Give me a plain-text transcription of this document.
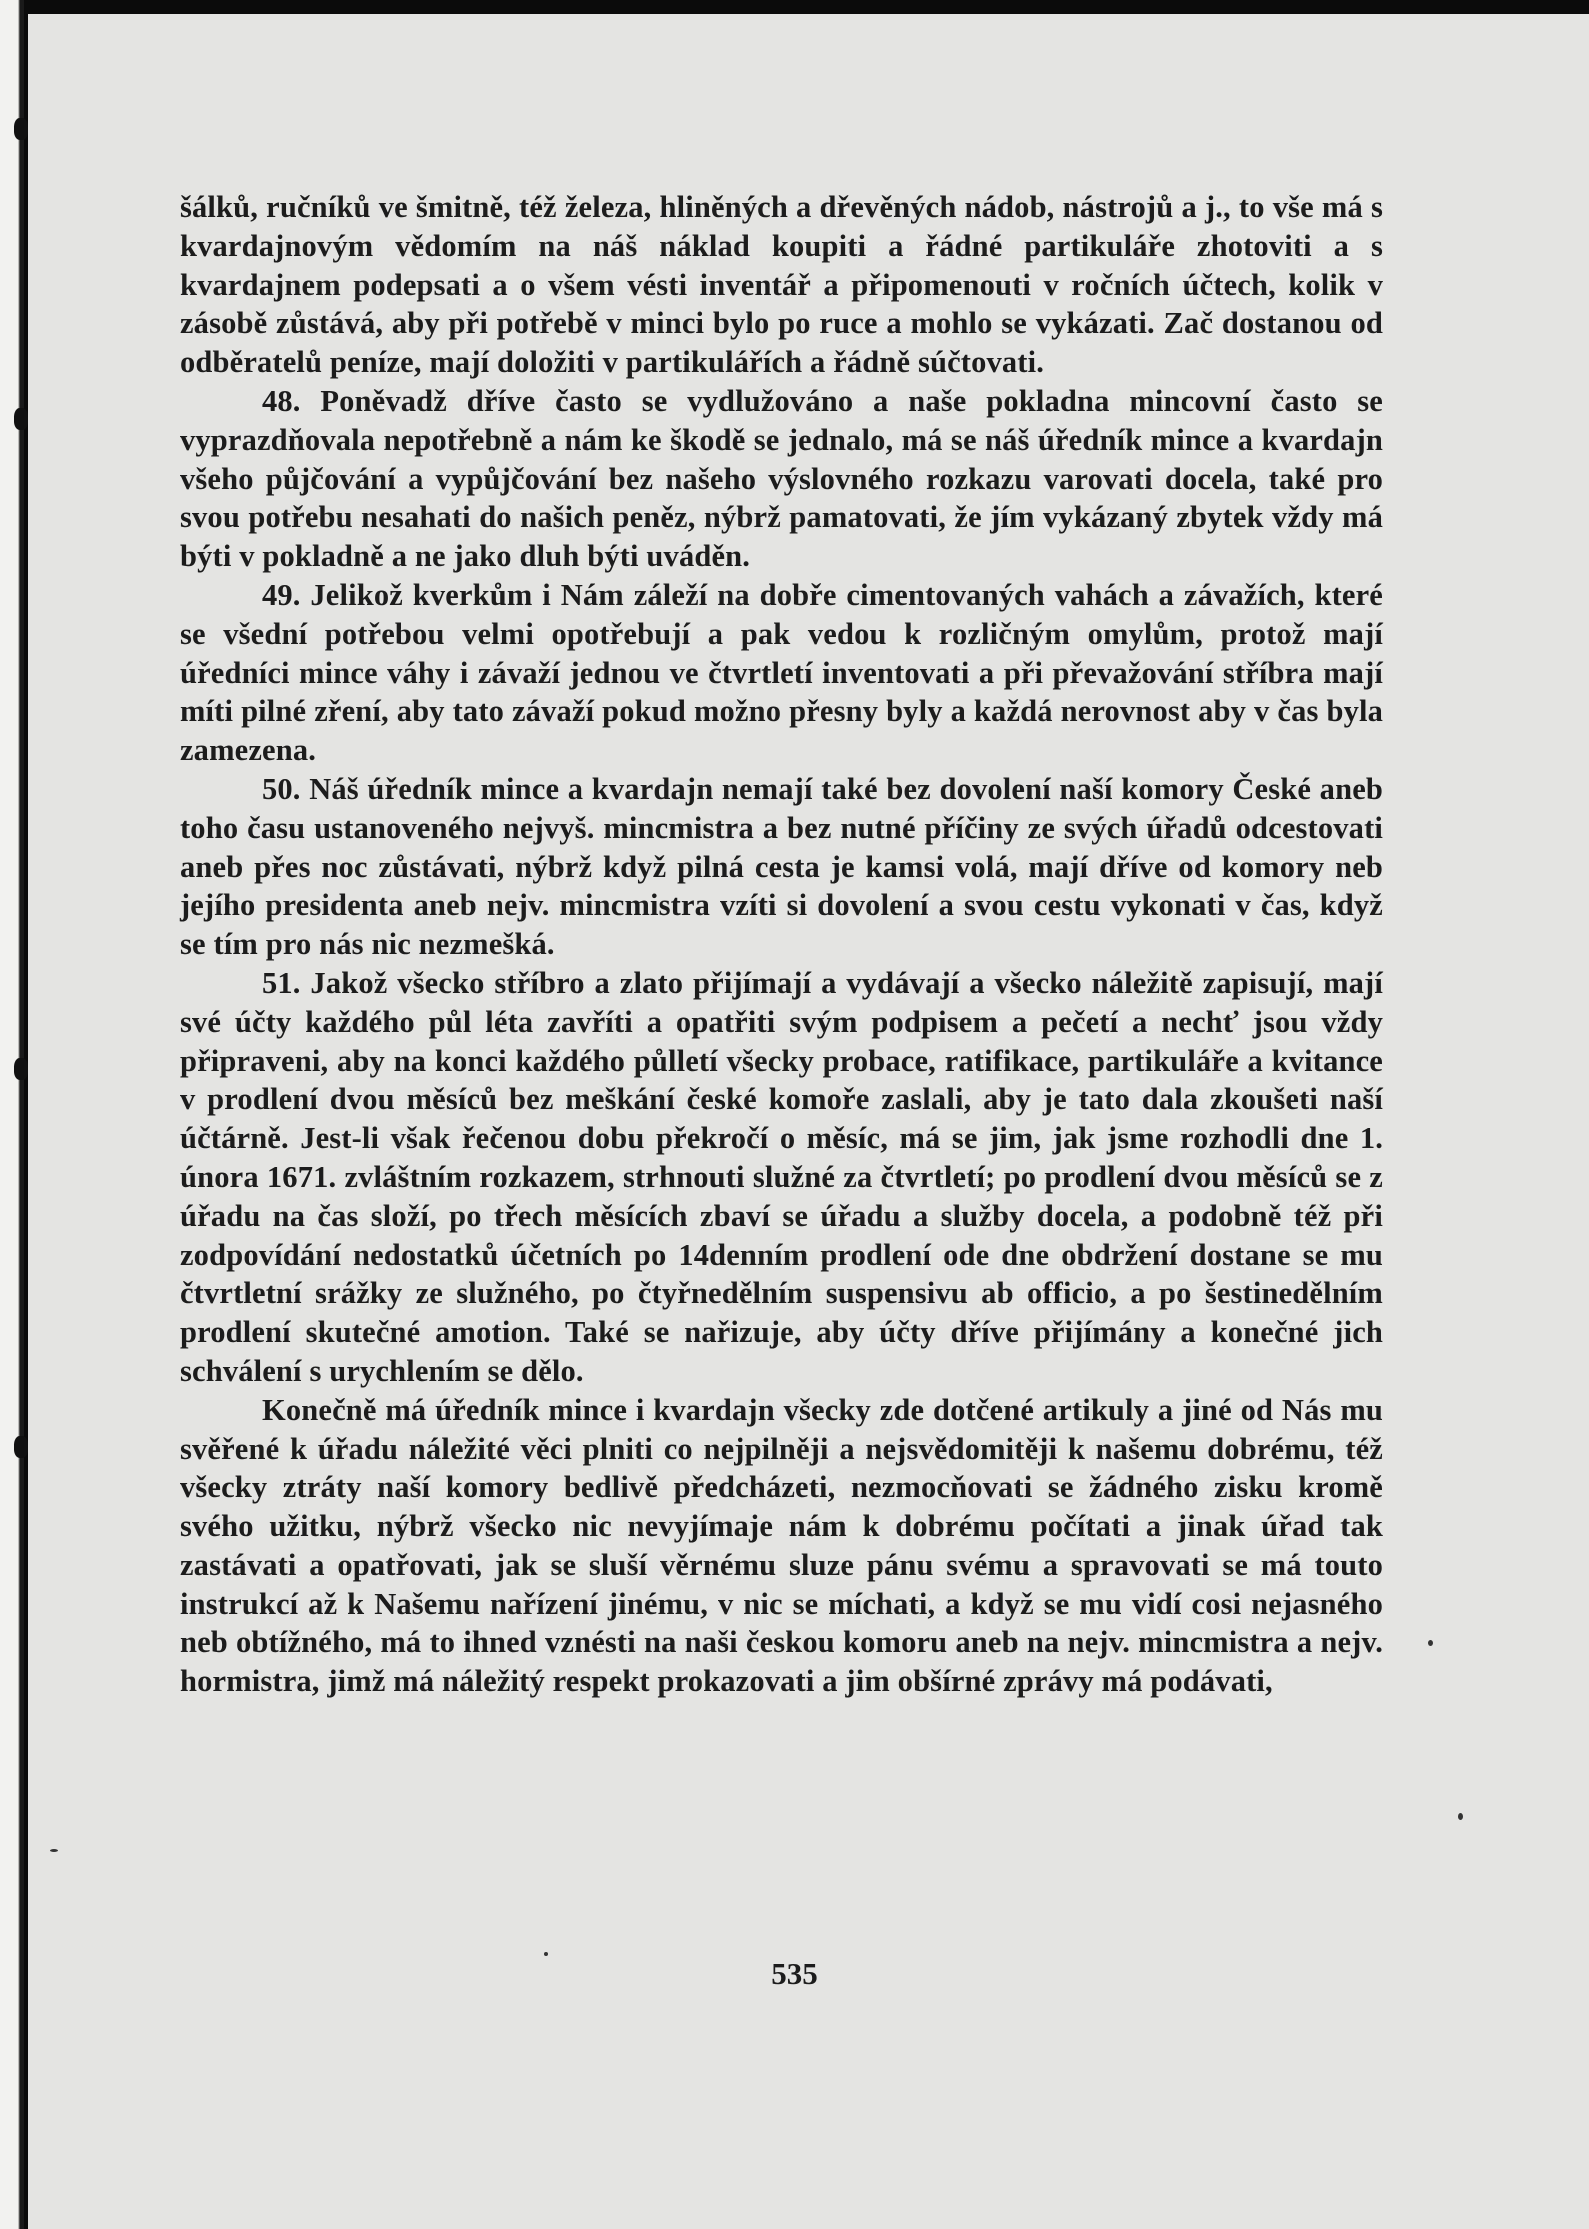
šálků, ručníků ve šmitně, též železa, hliněných a dřevěných nádob, nástrojů a j., to vše má s kvardajnovým vědomím na náš náklad koupiti a řádné partikuláře zhotoviti a s kvardajnem podepsati a o všem vésti inventář a připomenouti v ročních účtech, kolik v zásobě zůstává, aby při potřebě v minci bylo po ruce a mohlo se vykázati. Zač dostanou od odběratelů peníze, mají doložiti v partikulářích a řádně súčtovati.

48. Poněvadž dříve často se vydlužováno a naše pokladna mincovní často se vyprazdňovala nepotřebně a nám ke škodě se jednalo, má se náš úředník mince a kvardajn všeho půjčování a vypůjčování bez našeho výslovného rozkazu varovati docela, také pro svou potřebu nesahati do našich peněz, nýbrž pamatovati, že jím vykázaný zbytek vždy má býti v pokladně a ne jako dluh býti uváděn.

49. Jelikož kverkům i Nám záleží na dobře cimentovaných vahách a závažích, které se všední potřebou velmi opotřebují a pak vedou k rozličným omylům, protož mají úředníci mince váhy i závaží jednou ve čtvrtletí inventovati a při převažování stříbra mají míti pilné zření, aby tato závaží pokud možno přesny byly a každá nerovnost aby v čas byla zamezena.

50. Náš úředník mince a kvardajn nemají také bez dovolení naší komory České aneb toho času ustanoveného nejvyš. mincmistra a bez nutné příčiny ze svých úřadů odcestovati aneb přes noc zůstávati, nýbrž když pilná cesta je kamsi volá, mají dříve od komory neb jejího presidenta aneb nejv. mincmistra vzíti si dovolení a svou cestu vykonati v čas, když se tím pro nás nic nezmešká.

51. Jakož všecko stříbro a zlato přijímají a vydávají a všecko náležitě zapisují, mají své účty každého půl léta zavříti a opatřiti svým podpisem a pečetí a nechť jsou vždy připraveni, aby na konci každého půlletí všecky probace, ratifikace, partikuláře a kvitance v prodlení dvou měsíců bez meškání české komoře zaslali, aby je tato dala zkoušeti naší účtárně. Jest-li však řečenou dobu překročí o měsíc, má se jim, jak jsme rozhodli dne 1. února 1671. zvláštním rozkazem, strhnouti služné za čtvrtletí; po prodlení dvou měsíců se z úřadu na čas složí, po třech měsících zbaví se úřadu a služby docela, a podobně též při zodpovídání nedostatků účetních po 14denním prodlení ode dne obdržení dostane se mu čtvrtletní srážky ze služného, po čtyřnedělním suspensivu ab officio, a po šestinedělním prodlení skutečné amotion. Také se nařizuje, aby účty dříve přijímány a konečné jich schválení s urychlením se dělo.

Konečně má úředník mince i kvardajn všecky zde dotčené artikuly a jiné od Nás mu svěřené k úřadu náležité věci plniti co nejpilněji a nejsvědomitěji k našemu dobrému, též všecky ztráty naší komory bedlivě předcházeti, nezmocňovati se žádného zisku kromě svého užitku, nýbrž všecko nic nevyjímaje nám k dobrému počítati a jinak úřad tak zastávati a opatřovati, jak se sluší věrnému sluze pánu svému a spravovati se má touto instrukcí až k Našemu nařízení jinému, v nic se míchati, a když se mu vidí cosi nejasného neb obtížného, má to ihned vznésti na naši českou komoru aneb na nejv. mincmistra a nejv. hormistra, jimž má náležitý respekt prokazovati a jim obšírné zprávy má podávati,

535
